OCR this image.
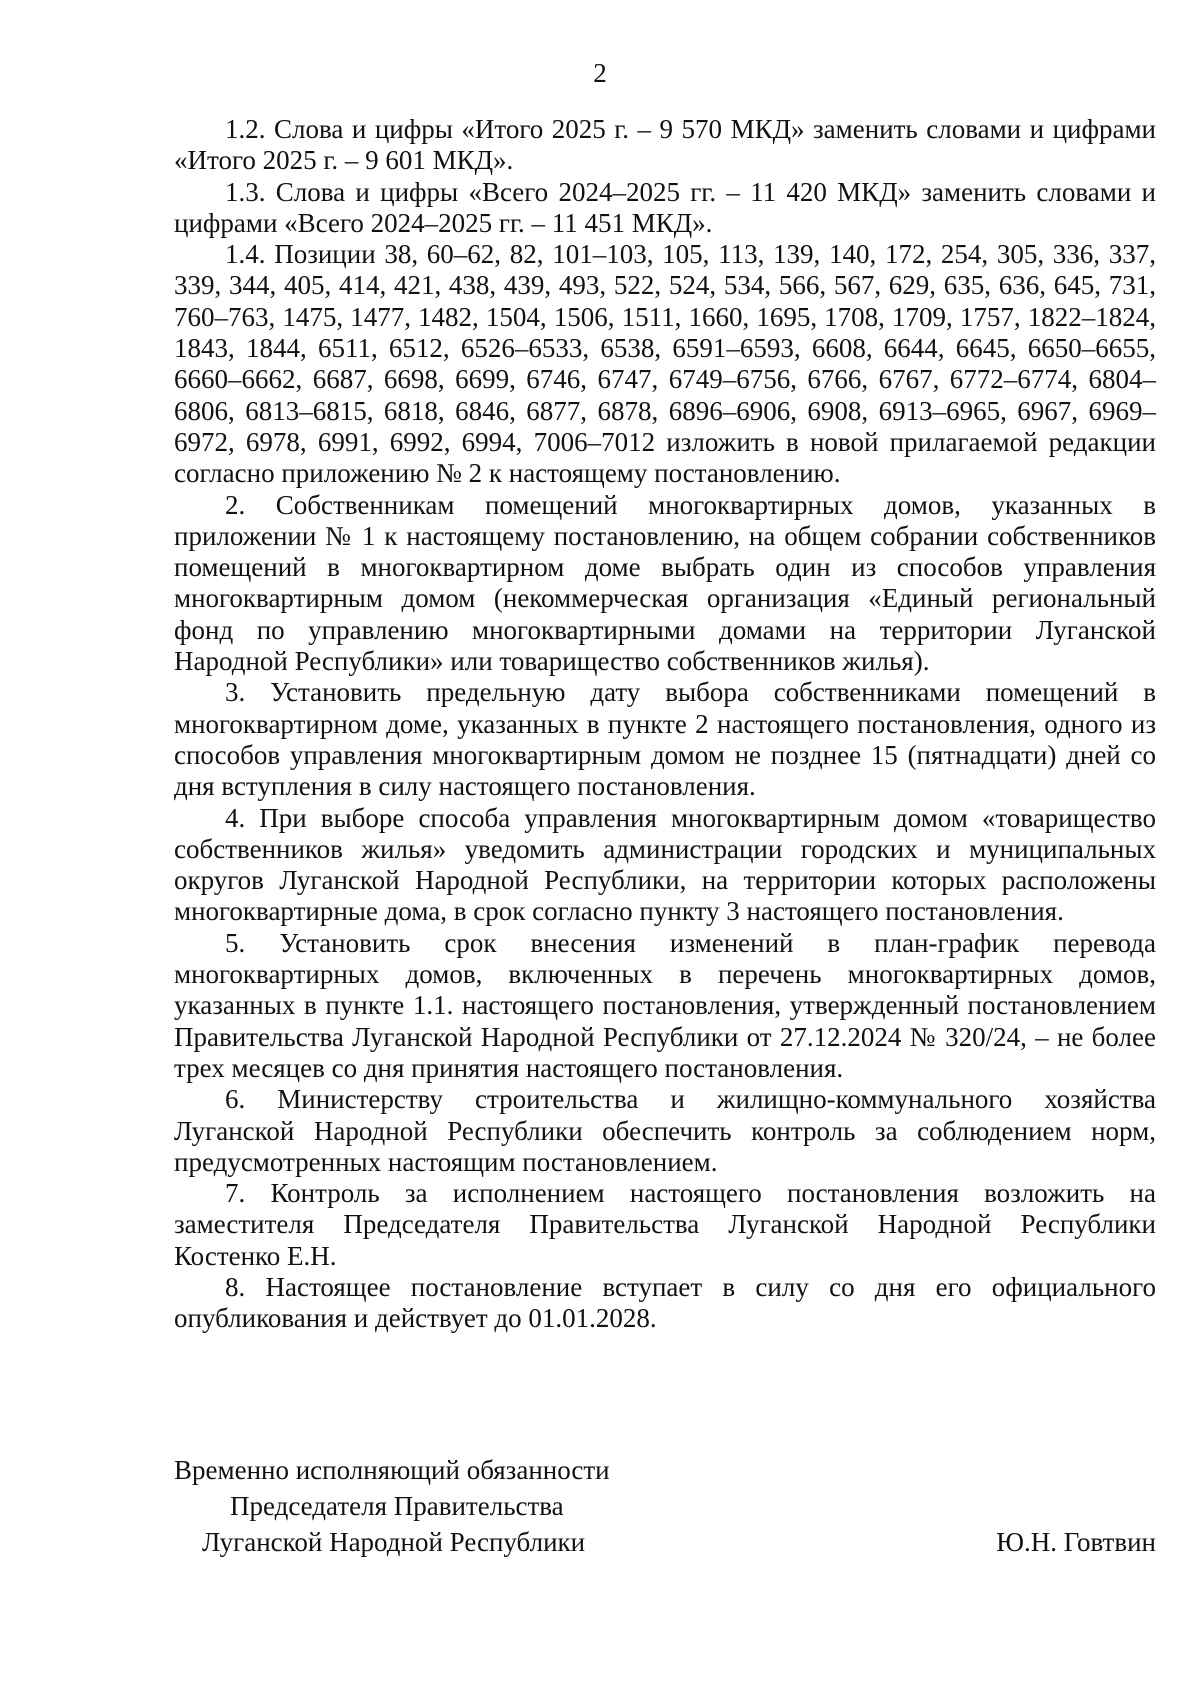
2

1.2. Слова и цифры «Итого 2025 г. – 9 570 МКД» заменить словами и цифрами «Итого 2025 г. – 9 601 МКД».

1.3. Слова и цифры «Всего 2024–2025 гг. – 11 420 МКД» заменить словами и цифрами «Всего 2024–2025 гг. – 11 451 МКД».

1.4. Позиции 38, 60–62, 82, 101–103, 105, 113, 139, 140, 172, 254, 305, 336, 337, 339, 344, 405, 414, 421, 438, 439, 493, 522, 524, 534, 566, 567, 629, 635, 636, 645, 731, 760–763, 1475, 1477, 1482, 1504, 1506, 1511, 1660, 1695, 1708, 1709, 1757, 1822–1824, 1843, 1844, 6511, 6512, 6526–6533, 6538, 6591–6593, 6608, 6644, 6645, 6650–6655, 6660–6662, 6687, 6698, 6699, 6746, 6747, 6749–6756, 6766, 6767, 6772–6774, 6804–6806, 6813–6815, 6818, 6846, 6877, 6878, 6896–6906, 6908, 6913–6965, 6967, 6969–6972, 6978, 6991, 6992, 6994, 7006–7012 изложить в новой прилагаемой редакции согласно приложению № 2 к настоящему постановлению.

2. Собственникам помещений многоквартирных домов, указанных в приложении № 1 к настоящему постановлению, на общем собрании собственников помещений в многоквартирном доме выбрать один из способов управления многоквартирным домом (некоммерческая организация «Единый региональный фонд по управлению многоквартирными домами на территории Луганской Народной Республики» или товарищество собственников жилья).

3. Установить предельную дату выбора собственниками помещений в многоквартирном доме, указанных в пункте 2 настоящего постановления, одного из способов управления многоквартирным домом не позднее 15 (пятнадцати) дней со дня вступления в силу настоящего постановления.

4. При выборе способа управления многоквартирным домом «товарищество собственников жилья» уведомить администрации городских и муниципальных округов Луганской Народной Республики, на территории которых расположены многоквартирные дома, в срок согласно пункту 3 настоящего постановления.

5. Установить срок внесения изменений в план-график перевода многоквартирных домов, включенных в перечень многоквартирных домов, указанных в пункте 1.1. настоящего постановления, утвержденный постановлением Правительства Луганской Народной Республики от 27.12.2024 № 320/24, – не более трех месяцев со дня принятия настоящего постановления.

6. Министерству строительства и жилищно-коммунального хозяйства Луганской Народной Республики обеспечить контроль за соблюдением норм, предусмотренных настоящим постановлением.

7. Контроль за исполнением настоящего постановления возложить на заместителя Председателя Правительства Луганской Народной Республики Костенко Е.Н.

8. Настоящее постановление вступает в силу со дня его официального опубликования и действует до 01.01.2028.

Временно исполняющий обязанности
Председателя Правительства
Луганской Народной Республики	Ю.Н. Говтвин
